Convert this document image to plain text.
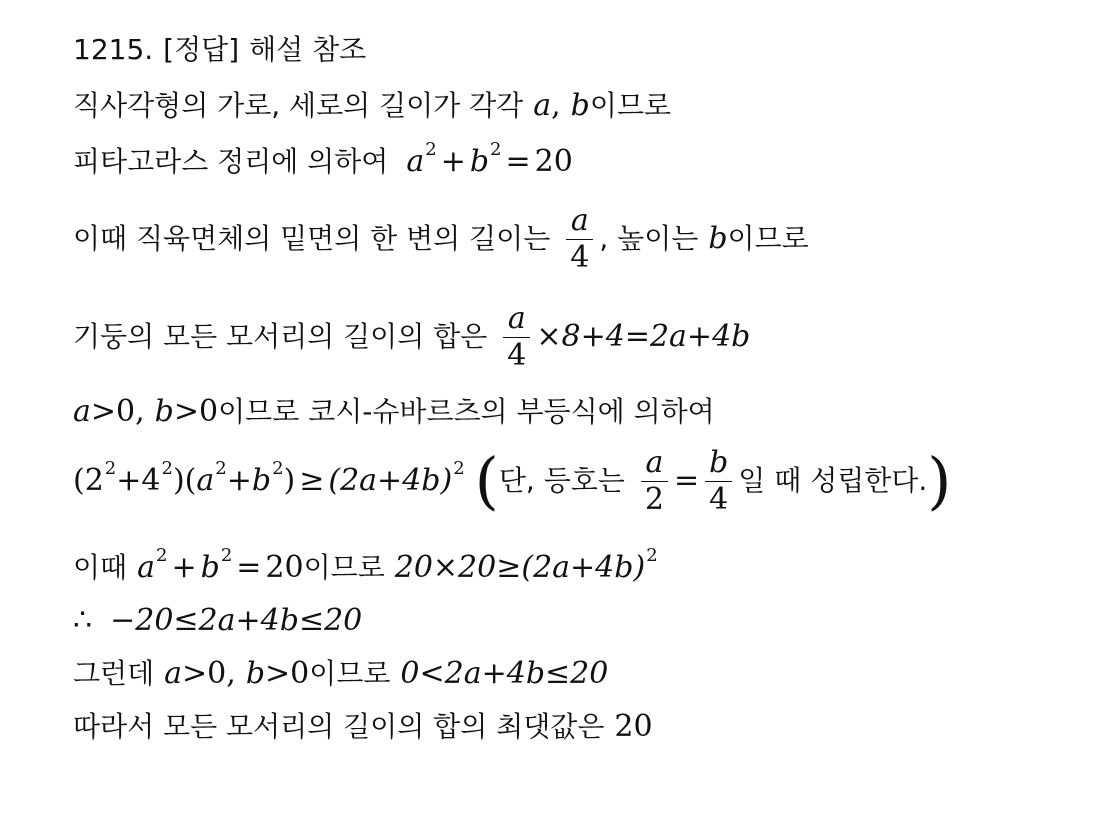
1215. [정답] 해설 참조
직사각형의 가로, 세로의 길이가 각각 a , b 이므로
피타고라스 정리에 의하여 a 2 + b 2 = 20
이때 직육면체의 밑면의 한 변의 길이는 $\frac{a}{4}$ , 높이는 b 이므로
기둥의 모든 모서리의 길이의 합은 $\frac{a}{4} \times 8+4=2a+4b$
a >0, b > 0 이므로 코시-슈바르츠의 부등식에 의하여
(2 2 +4 2 )( a 2 + b 2 ) ≥ (2a+4b) 2 ( 단, 등호는 $\frac{a}{2} = \frac{b}{4}$ 일 때 성립한다. )
이때 a 2 + b 2 = 20 이므로 20×20≥(2a+4b) 2
∴ −20≤2a+4b≤20
그런데 a >0, b > 0 이므로 0<2a+4b≤20
따라서 모든 모서리의 길이의 합의 최댓값은 20
